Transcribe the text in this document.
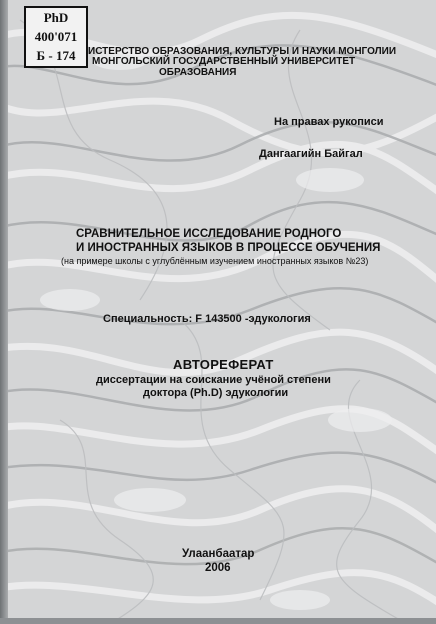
PhD
400'071
Б - 174	ИСТЕРСТВО ОБРАЗОВАНИЯ, КУЛЬТУРЫ И НАУКИ МОНГОЛИИ
МОНГОЛЬСКИЙ ГОСУДАРСТВЕННЫЙ УНИВЕРСИТЕТ
ОБРАЗОВАНИЯ
На правах рукописи
Дангаагийн Байгал
СРАВНИТЕЛЬНОЕ ИССЛЕДОВАНИЕ РОДНОГО
И ИНОСТРАННЫХ ЯЗЫКОВ В ПРОЦЕССЕ ОБУЧЕНИЯ
(на примере школы с углублённым изучением иностранных языков №23)
Специальность: F 143500 -эдукология
АВТОРЕФЕРАТ
диссертации на соискание учёной степени
доктора (Ph.D) эдукологии
Улаанбаатар
2006
